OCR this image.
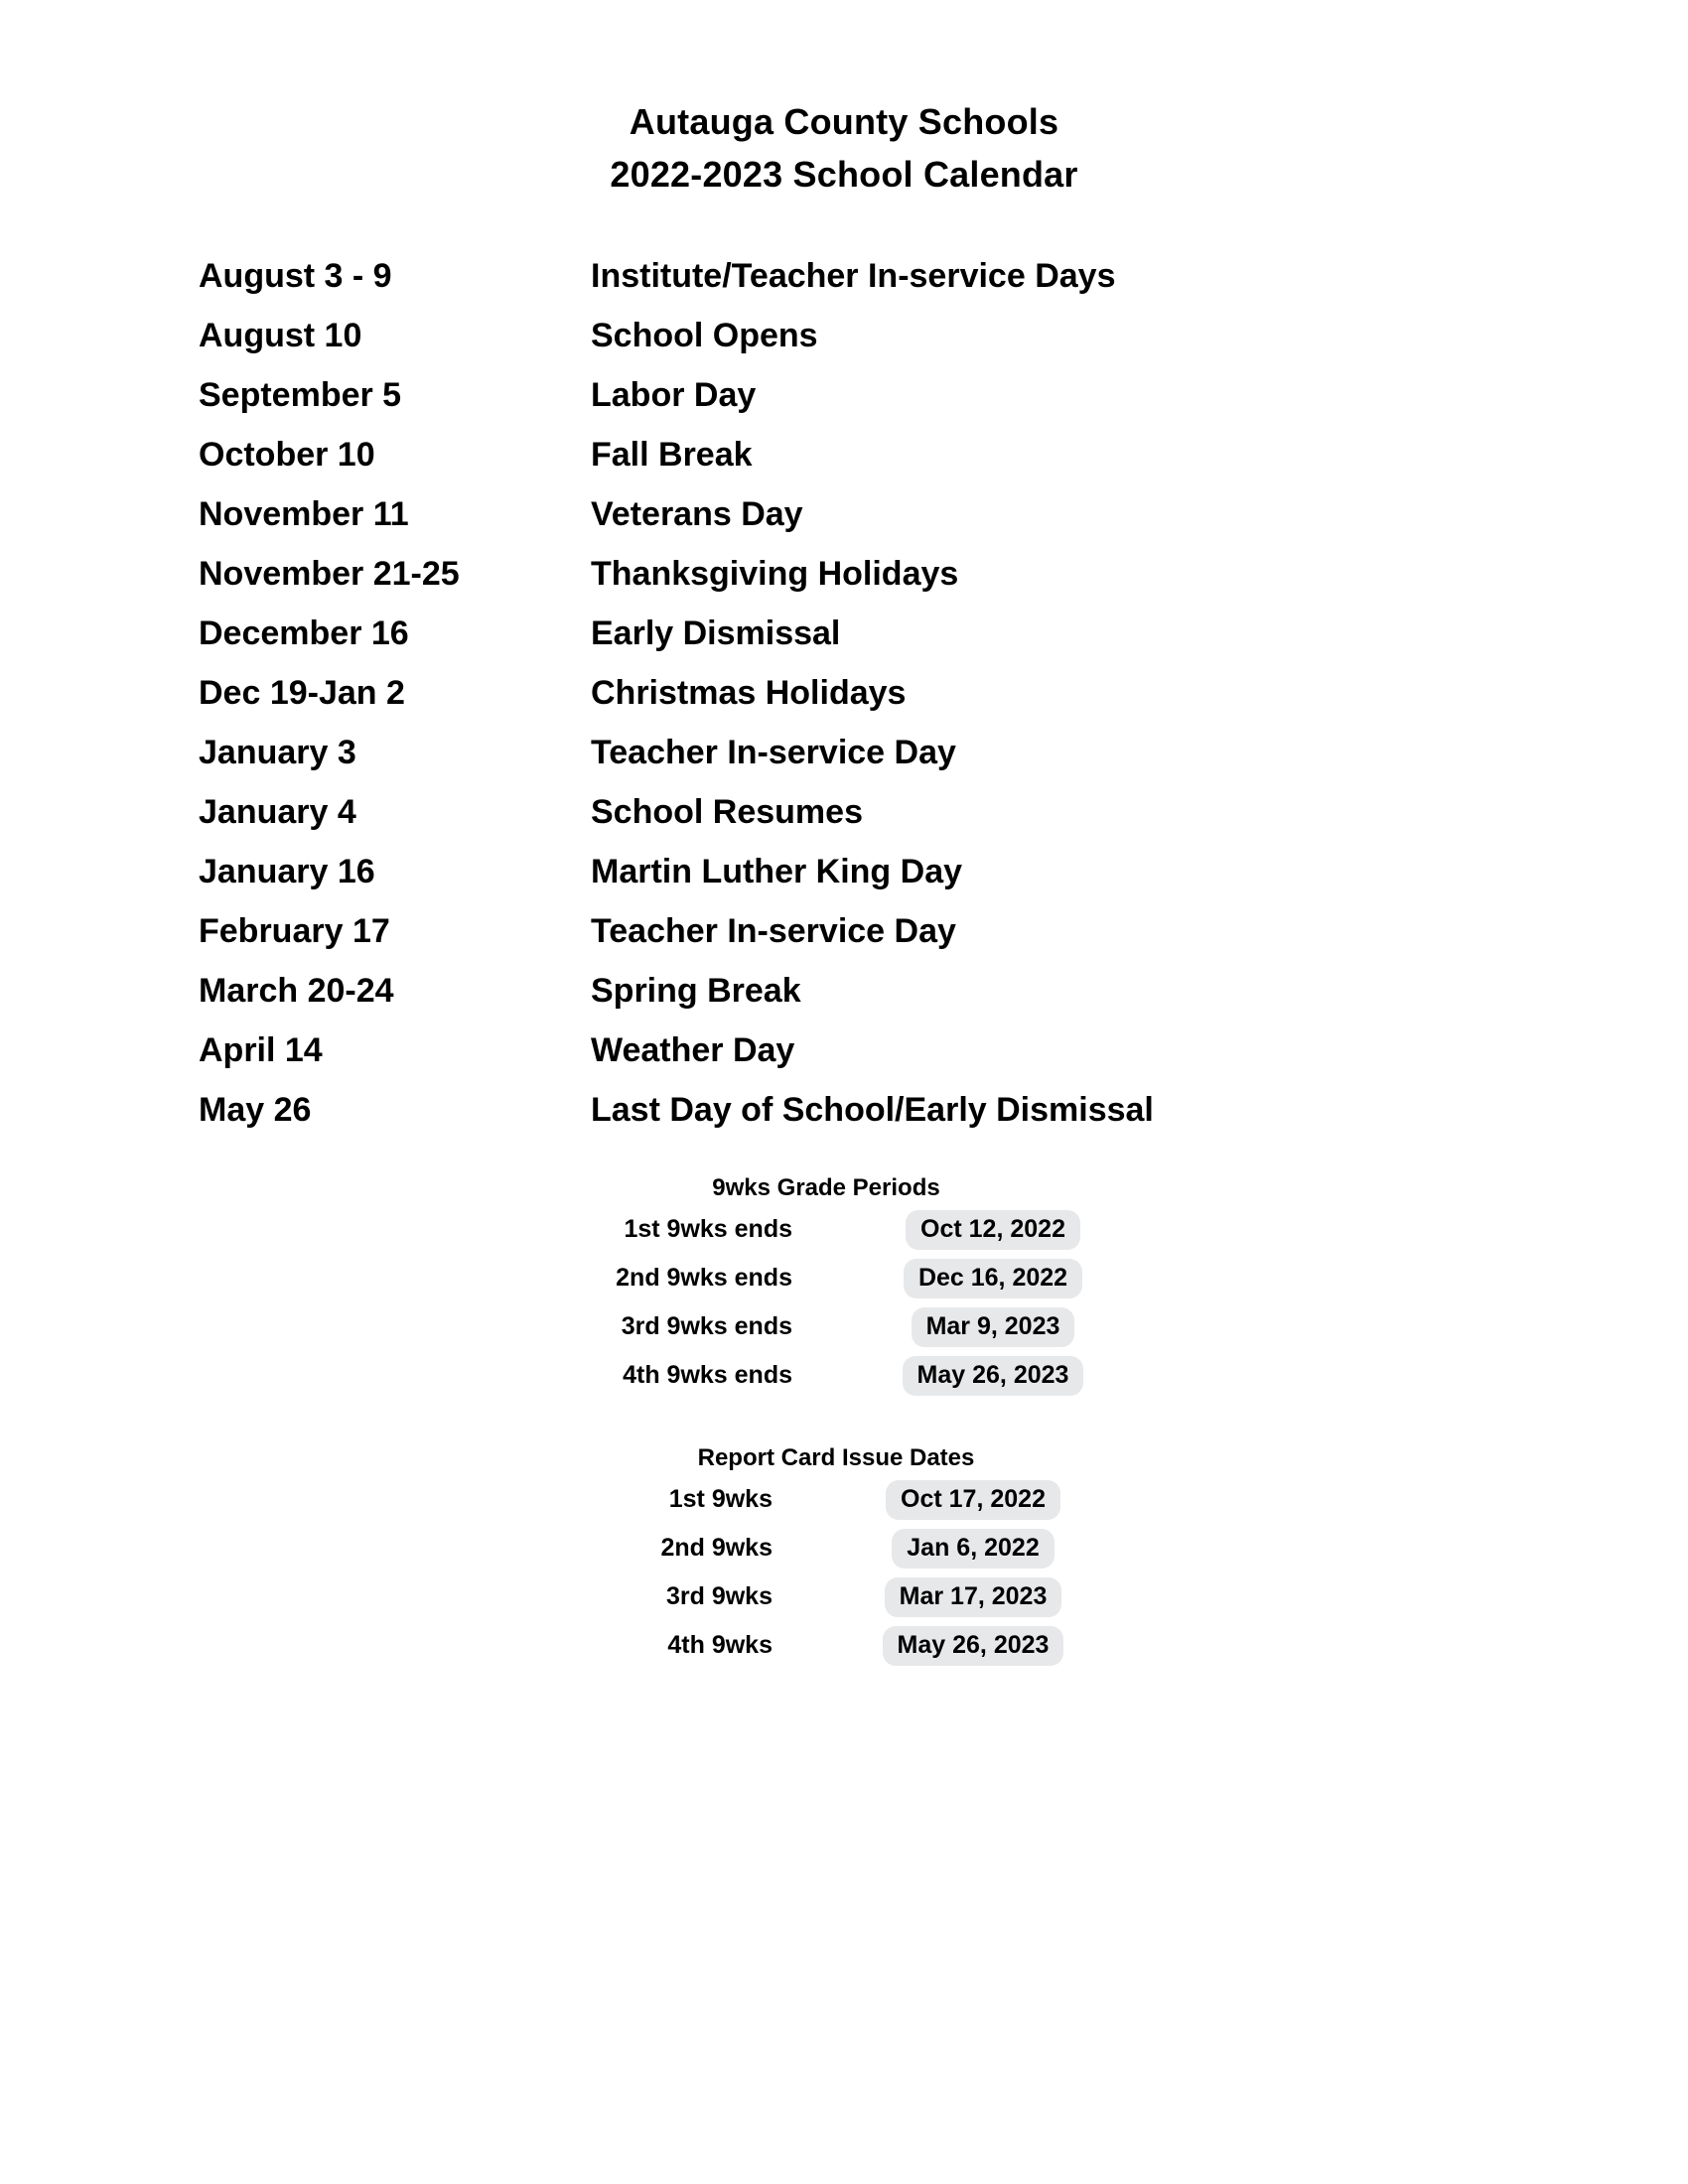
Autauga County Schools
2022-2023 School Calendar
August 3 - 9	Institute/Teacher In-service Days
August 10	School Opens
September 5	Labor Day
October 10	Fall Break
November 11	Veterans Day
November 21-25	Thanksgiving Holidays
December 16	Early Dismissal
Dec 19-Jan 2	Christmas Holidays
January 3	Teacher In-service Day
January 4	School Resumes
January 16	Martin Luther King Day
February 17	Teacher In-service Day
March 20-24	Spring Break
April 14	Weather Day
May 26	Last Day of School/Early Dismissal
9wks Grade Periods
1st 9wks ends	Oct 12, 2022
2nd 9wks ends	Dec 16, 2022
3rd 9wks ends	Mar 9, 2023
4th 9wks ends	May 26, 2023
Report Card Issue Dates
1st 9wks	Oct 17, 2022
2nd 9wks	Jan 6, 2022
3rd 9wks	Mar 17, 2023
4th 9wks	May 26, 2023
